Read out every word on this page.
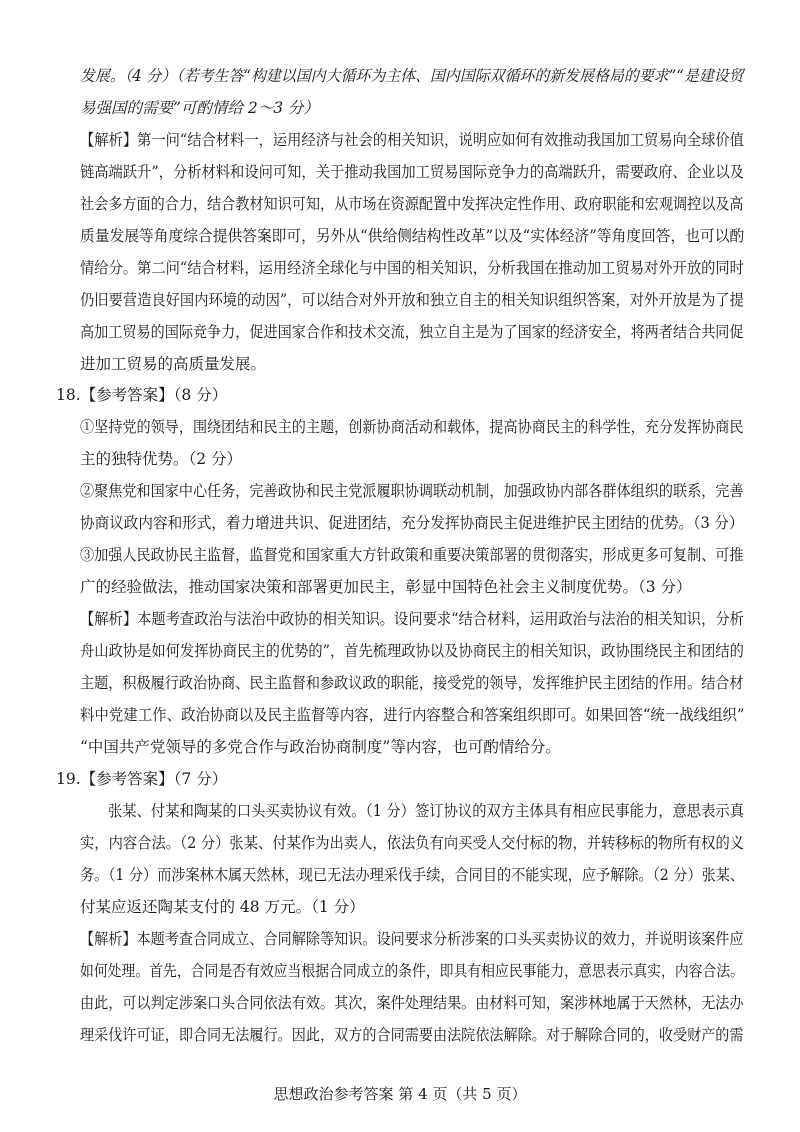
发展。（4 分）（若考生答“构建以国内大循环为主体、国内国际双循环的新发展格局的要求”“是建设贸

易强国的需要”可酌情给 2～3 分）

【解析】第一问“结合材料一，运用经济与社会的相关知识，说明应如何有效推动我国加工贸易向全球价值

链高端跃升”，分析材料和设问可知，关于推动我国加工贸易国际竞争力的高端跃升，需要政府、企业以及

社会多方面的合力，结合教材知识可知，从市场在资源配置中发挥决定性作用、政府职能和宏观调控以及高

质量发展等角度综合提供答案即可，另外从“供给侧结构性改革”以及“实体经济”等角度回答，也可以酌

情给分。第二问“结合材料，运用经济全球化与中国的相关知识，分析我国在推动加工贸易对外开放的同时

仍旧要营造良好国内环境的动因”，可以结合对外开放和独立自主的相关知识组织答案，对外开放是为了提

高加工贸易的国际竞争力，促进国家合作和技术交流，独立自主是为了国家的经济安全，将两者结合共同促

进加工贸易的高质量发展。

18.【参考答案】（8 分）

①坚持党的领导，围绕团结和民主的主题，创新协商活动和载体，提高协商民主的科学性，充分发挥协商民

主的独特优势。（2 分）

②聚焦党和国家中心任务，完善政协和民主党派履职协调联动机制，加强政协内部各群体组织的联系，完善

协商议政内容和形式，着力增进共识、促进团结，充分发挥协商民主促进维护民主团结的优势。（3 分）

③加强人民政协民主监督，监督党和国家重大方针政策和重要决策部署的贯彻落实，形成更多可复制、可推

广的经验做法，推动国家决策和部署更加民主，彰显中国特色社会主义制度优势。（3 分）

【解析】本题考查政治与法治中政协的相关知识。设问要求“结合材料，运用政治与法治的相关知识，分析

舟山政协是如何发挥协商民主的优势的”，首先梳理政协以及协商民主的相关知识，政协围绕民主和团结的

主题，积极履行政治协商、民主监督和参政议政的职能，接受党的领导，发挥维护民主团结的作用。结合材

料中党建工作、政治协商以及民主监督等内容，进行内容整合和答案组织即可。如果回答“统一战线组织”

“中国共产党领导的多党合作与政治协商制度”等内容，也可酌情给分。

19.【参考答案】（7 分）

张某、付某和陶某的口头买卖协议有效。（1 分）签订协议的双方主体具有相应民事能力，意思表示真

实，内容合法。（2 分）张某、付某作为出卖人，依法负有向买受人交付标的物，并转移标的物所有权的义

务。（1 分）而涉案林木属天然林，现已无法办理采伐手续，合同目的不能实现，应予解除。（2 分）张某、

付某应返还陶某支付的 48 万元。（1 分）

【解析】本题考查合同成立、合同解除等知识。设问要求分析涉案的口头买卖协议的效力，并说明该案件应

如何处理。首先，合同是否有效应当根据合同成立的条件，即具有相应民事能力，意思表示真实，内容合法。

由此，可以判定涉案口头合同依法有效。其次，案件处理结果。由材料可知，案涉林地属于天然林，无法办

理采伐许可证，即合同无法履行。因此，双方的合同需要由法院依法解除。对于解除合同的，收受财产的需

思想政治参考答案 第 4 页（共 5 页）
